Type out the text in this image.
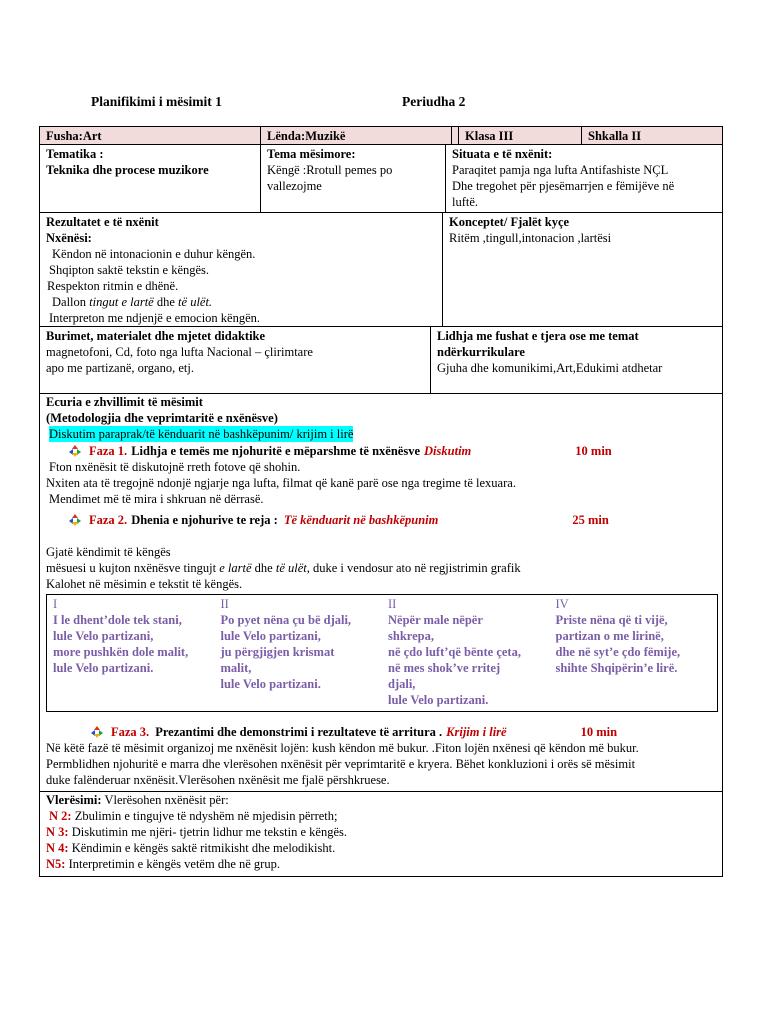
Planifikimi i mësimit 1	Periudha 2
Fusha:Art	Lënda:Muzikë	Klasa III	Shkalla II
Tematika :
Teknika dhe procese muzikore
Tema mësimore:
Këngë :Rrotull pemes po
vallezojme
Situata e të nxënit:
Paraqitet pamja nga lufta Antifashiste NÇL
Dhe tregohet për pjesëmarrjen e fëmijëve në
luftë.
Rezultatet e të nxënit
Nxënësi:
Këndon në intonacionin e duhur këngën.
Shqipton saktë tekstin e këngës.
Respekton ritmin e dhënë.
Dallon tingut e lartë dhe të ulët.
Interpreton me ndjenjë e emocion këngën.
Konceptet/ Fjalët kyçe
Ritëm ,tingull,intonacion ,lartësi
Burimet, materialet dhe mjetet didaktike
magnetofoni, Cd, foto nga lufta Nacional – çlirimtare
apo me partizanë, organo, etj.
Lidhja me fushat e tjera ose me temat
ndërkurrikulare
Gjuha dhe komunikimi,Art,Edukimi atdhetar
Ecuria e zhvillimit të mësimit
(Metodologjia dhe veprimtaritë e nxënësve)
Diskutim paraprak/të kënduarit në bashkëpunim/ krijim i lirë
Faza 1. Lidhja e temës me njohuritë e mëparshme të nxënësve Diskutim	10 min
Fton nxënësit të diskutojnë rreth fotove që shohin.
Nxiten ata të tregojnë ndonjë ngjarje nga lufta, filmat që kanë parë ose nga tregime të lexuara.
Mendimet më të mira i shkruan në dërrasë.
Faza 2. Dhenia e njohurive te reja : Të kënduarit në bashkëpunim	25 min
Gjatë këndimit të këngës
mësuesi u kujton nxënësve tingujt e lartë dhe të ulët, duke i vendosur ato në regjistrimin grafik
Kalohet në mësimin e tekstit të këngës.
I
I le dhent’dole tek stani,
lule Velo partizani,
more pushkën dole malit,
lule Velo partizani.
II
Po pyet nëna çu bë djali,
lule Velo partizani,
ju përgjigjen krismat
malit,
lule Velo partizani.
II
Nëpër male nëpër
shkrepa,
në çdo luft’që bënte çeta,
në mes shok’ve rritej
djali,
lule Velo partizani.
IV
Priste nëna që ti vijë,
partizan o me lirinë,
dhe në syt’e çdo fëmije,
shihte Shqipërin’e lirë.
Faza 3. Prezantimi dhe demonstrimi i rezultateve të arritura . Krijim i lirë	10 min
Në këtë fazë të mësimit organizoj me nxënësit lojën: kush këndon më bukur. .Fiton lojën nxënesi që këndon më bukur.
Permblidhen njohuritë e marra dhe vlerësohen nxënësit për veprimtaritë e kryera. Bëhet konkluzioni i orës së mësimit
duke falënderuar nxënësit.Vlerësohen nxënësit me fjalë përshkruese.
Vlerësimi: Vlerësohen nxënësit për:
N 2: Zbulimin e tingujve të ndyshëm në mjedisin përreth;
N 3: Diskutimin me njëri- tjetrin lidhur me tekstin e këngës.
N 4: Këndimin e këngës saktë ritmikisht dhe melodikisht.
N5: Interpretimin e këngës vetëm dhe në grup.
